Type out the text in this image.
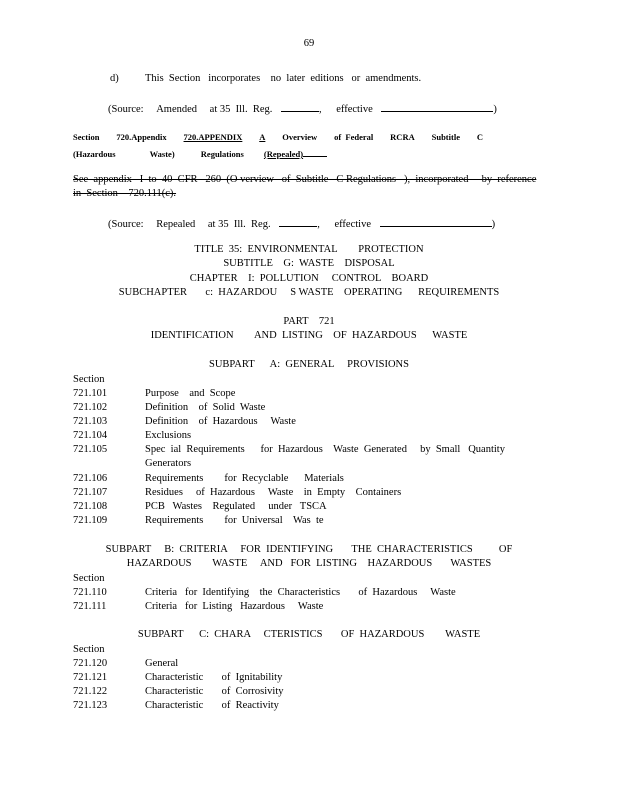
69
d)	This  Section   incorporates    no  later  editions   or  amendments.
(Source: Amended at 35  Ill.  Reg.	, effective	)
Section 720.Appendix 720.APPENDIX A Overview of  Federal RCRA Subtitle C
(Hazardous	Waste)	Regulations (Repealed)
See  appendix   I  to  40  CFR   260  (O verview   of  Subtitle   C Regulations   ),  incorporated     by  reference
in  Section    720.111(c).
(Source: Repealed at 35  Ill.  Reg.	, effective	)
TITLE  35:  ENVIRONMENTAL        PROTECTION
SUBTITLE    G:  WASTE    DISPOSAL
CHAPTER    I:  POLLUTION     CONTROL    BOARD
SUBCHAPTER       c:  HAZARDOU     S WASTE    OPERATING      REQUIREMENTS
PART    721
IDENTIFICATION        AND  LISTING    OF  HAZARDOUS      WASTE
SUBPART      A:  GENERAL     PROVISIONS
Section
721.101	Purpose    and  Scope
721.102	Definition    of  Solid  Waste
721.103	Definition    of  Hazardous     Waste
721.104	Exclusions
721.105	Spec  ial  Requirements      for  Hazardous    Waste  Generated     by  Small   Quantity
Generators
721.106	Requirements        for  Recyclable      Materials
721.107	Residues     of  Hazardous     Waste    in  Empty    Containers
721.108	PCB   Wastes    Regulated     under   TSCA
721.109	Requirements        for  Universal    Was  te
SUBPART     B:  CRITERIA     FOR  IDENTIFYING       THE  CHARACTERISTICS          OF
HAZARDOUS        WASTE     AND   FOR  LISTING    HAZARDOUS       WASTES
Section
721.110	Criteria   for  Identifying    the  Characteristics       of  Hazardous     Waste
721.111	Criteria   for  Listing   Hazardous     Waste
SUBPART      C:  CHARA     CTERISTICS       OF  HAZARDOUS        WASTE
Section
721.120	General
721.121	Characteristic       of  Ignitability
721.122	Characteristic       of  Corrosivity
721.123	Characteristic       of  Reactivity
